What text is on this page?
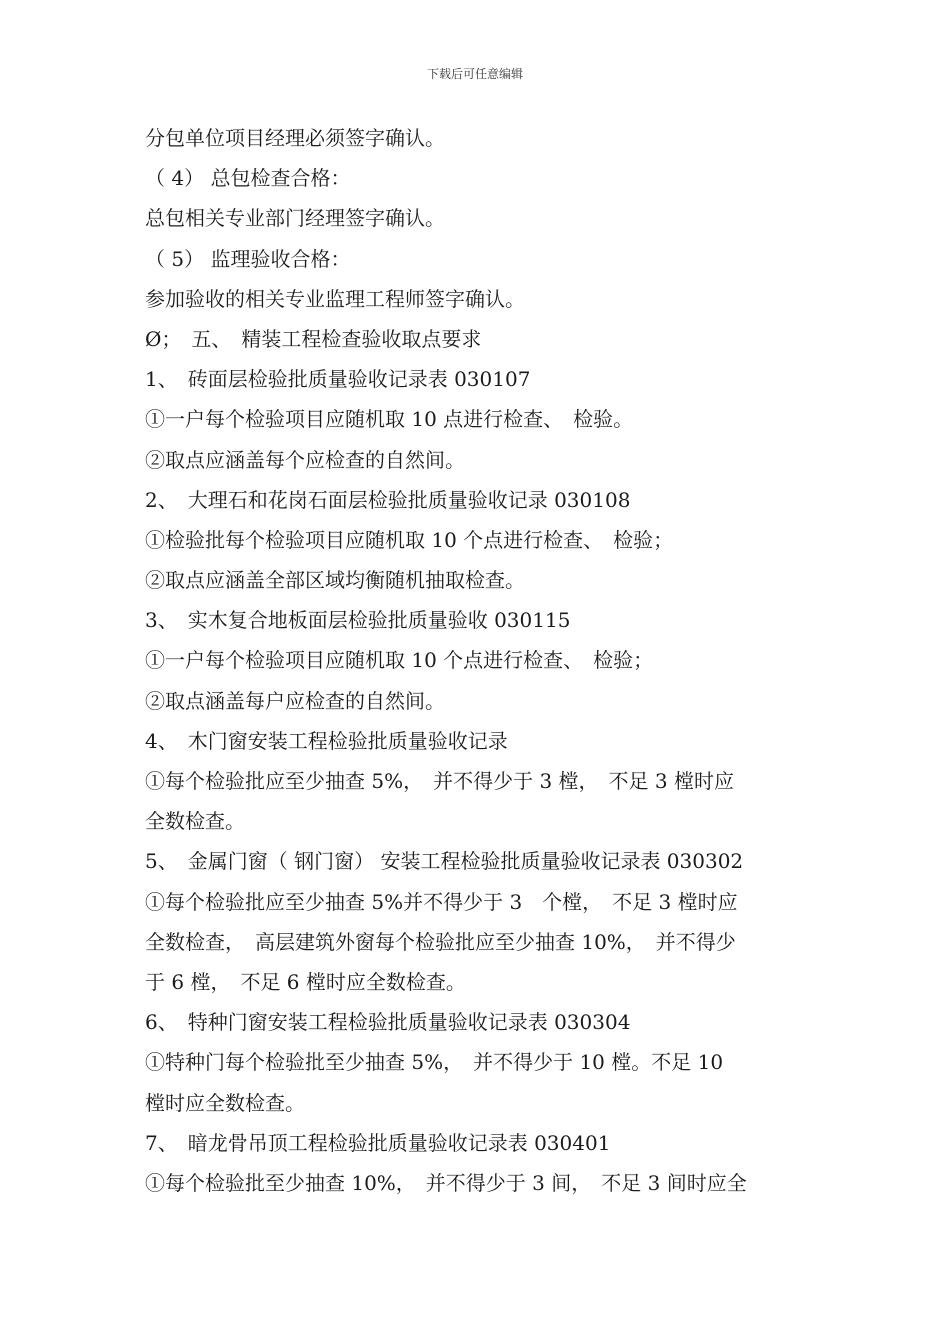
下载后可任意编辑
分包单位项目经理必须签字确认。
（ 4） 总包检查合格：
总包相关专业部门经理签字确认。
（ 5） 监理验收合格：
参加验收的相关专业监理工程师签字确认。
Ø；　五、　精装工程检查验收取点要求
1、　砖面层检验批质量验收记录表 030107
①一户每个检验项目应随机取 10 点进行检查、　检验。
②取点应涵盖每个应检查的自然间。
2、　大理石和花岗石面层检验批质量验收记录 030108
①检验批每个检验项目应随机取 10 个点进行检查、　检验；
②取点应涵盖全部区域均衡随机抽取检查。
3、　实木复合地板面层检验批质量验收 030115
①一户每个检验项目应随机取 10 个点进行检查、　检验；
②取点涵盖每户应检查的自然间。
4、　木门窗安装工程检验批质量验收记录
①每个检验批应至少抽查 5%，　并不得少于 3 樘，　不足 3 樘时应
全数检查。
5、　金属门窗（ 钢门窗） 安装工程检验批质量验收记录表 030302
①每个检验批应至少抽查 5%并不得少于 3　个樘，　不足 3 樘时应
全数检查，　高层建筑外窗每个检验批应至少抽查 10%，　并不得少
于 6 樘，　不足 6 樘时应全数检查。
6、　特种门窗安装工程检验批质量验收记录表 030304
①特种门每个检验批至少抽查 5%，　并不得少于 10 樘。不足 10
樘时应全数检查。
7、　暗龙骨吊顶工程检验批质量验收记录表 030401
①每个检验批至少抽查 10%，　并不得少于 3 间，　不足 3 间时应全
